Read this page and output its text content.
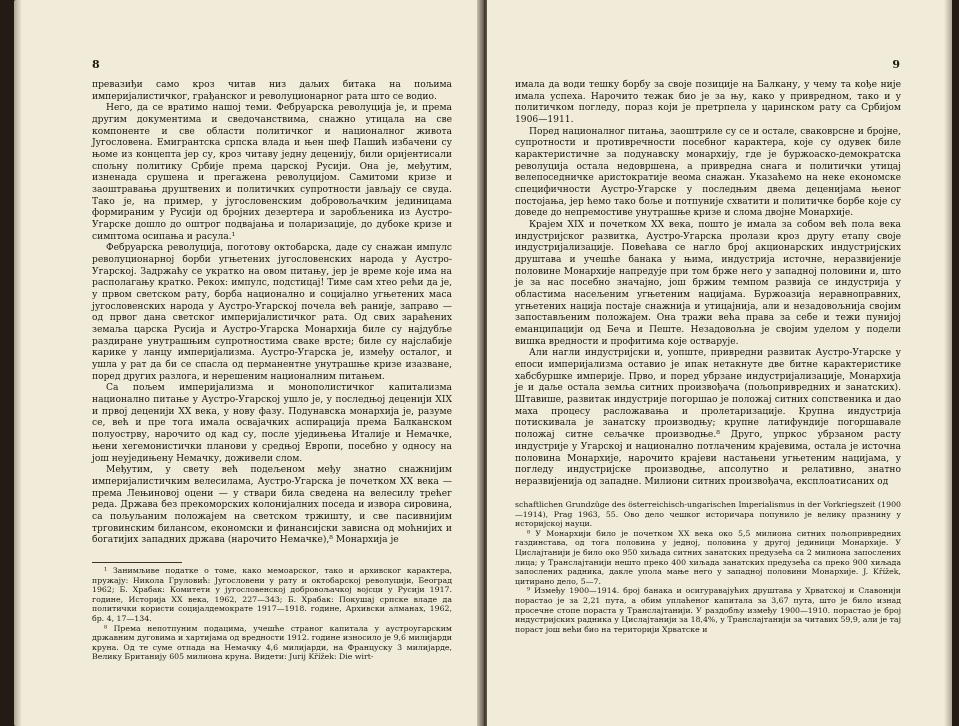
8

превазиђи само кроз читав низ даљих битака на пољима империјалистичког, грађанског и револуционарног рата што се водио.

Него, да се вратимо нашој теми. Фебруарска револуција је, и према другим документима и сведочанствима, снажно утицала на све компоненте и све области политичког и националног живота Југословена. Емигрантска српска влада и њен шеф Пашић избачени су њоме из концепта јер су, кроз читаву једну деценију, били оријентисали спољну политику Србије према царској Русији. Она је, међутим, изненада срушена и прегажена револуцијом. Самитоми кризе и заоштравања друштвених и политичких супротности јављају се свуда. Тако је, на пример, у југословенским добровољачким јединицама формираним у Русији од бројних дезертера и заробљеника из Аустро-Угарске дошло до оштрог подвајања и поларизације, до дубоке кризе и симптома осипања и расула.¹

Фебруарска револуција, поготову октобарска, даде су снажан импулс револуционарној борби угњетених југословенских народа у Аустро-Угарској. Задржаћу се укратко на овом питању, јер је време које има на располагању кратко. Рекох: импулс, подстицај! Тиме сам хтео рећи да је, у првом светском рату, борба национално и социјално угњетених маса југословенских народа у Аустро-Угарској почела већ раније, заправо — од првог дана светског империјалистичког рата. Од свих зараћених земаља царска Русија и Аустро-Угарска Монархија биле су најдубље раздиране унутрашњим супротностима сваке врсте; биле су најслабије карике у ланцу империјализма. Аустро-Угарска је, између осталог, и ушла у рат да би се спасла од перманентне унутрашње кризе изазване, поред других разлога, и нерешеним националним питањем.

Са пољем империјализма и монополистичког капитализма национално питање у Аустро-Угарској ушло је, у последњој деценији XIX и првој деценији XX века, у нову фазу. Подунавска монархија је, разуме се, већ и пре тога имала освајачких аспирација према Балканском полуострву, нарочито од кад су, после уједињења Италије и Немачке, њени хегемонистички планови у средњој Европи, посебно у односу на још неуједињену Немачку, доживели слом.

Међутим, у свету већ подељеном међу знатно снажнијим империјалистичким велесилама, Аустро-Угарска је почетком XX века — према Лењиновој оцени — у ствари била сведена на велесилу трећег реда. Држава без прекоморских колонијалних поседа и извора сировина, са пољуљаним положајем на светском тржишту, и све пасивнијим трговинским билансом, економски и финансијски зависна од моћнијих и богатијих западних држава (нарочито Немачке),⁸ Монархија је

¹ Занимљиве податке о томе, како мемоарског, тако и архивског карактера, пружају: Никола Груловић: Југословени у рату и октобарској револуцији, Београд 1962; Б. Храбак: Комитети у југословенској добровољачкој војсци у Русији 1917. године, Историја XX века, 1962, 227—343; Б. Храбак: Покушај српске владе да политички користи социјалдемократе 1917—1918. године, Архивски алманах, 1962, бр. 4, 17—134.

⁸ Према непотпуним подацима, учешће страног капитала у аустроугарским државним дуговима и хартијама од вредности 1912. године износило је 9,6 милијарди круна. Од те суме отпада на Немачку 4,6 милијарди, на Француску 3 милијарде, Велику Британију 605 милиона круна. Видети: Jurij Křížek: Die wirt-

9

имала да води тешку борбу за своје позиције на Балкану, у чему та кође није имала успеха. Нарочито тежак био је за њу, како у привредном, тако и у политичком погледу, пораз који је претрпела у царинском рату са Србијом 1906—1911.

Поред националног питања, заоштриле су се и остале, сваковрсне и бројне, супротности и противречности посебног карактера, које су одувек биле карактеристичне за подунавску монархију, где је буржоаско-демократска револуција остала недовршена, а привредна снага и политички утицај велепоседничке аристократије веома снажан. Указаћемо на неке економске специфичности Аустро-Угарске у последњим двема деценијама њеног постојања, јер ћемо тако боље и потпуније схватити и политичке борбе које су доведе до непремостиве унутрашње кризе и слома двојне Монархије.

Крајем XIX и почетком XX века, пошто је имала за собом већ пола века индустријског развитка, Аустро-Угарска пролази кроз другу етапу своје индустријализације. Повећава се нагло број акционарских индустријских друштава и учешће банака у њима, индустрија источне, неразвијеније половине Монархије напредује при том брже него у западној половини и, што је за нас посебно значајно, још бржим темпом развија се индустрија у областима насељеним угњетеним нацијама. Буржоазија неравноправних, угњетених нација постаје снажнија и утицајнија, али и незадовољнија својим запостављеним положајем. Она тражи већа права за себе и тежи пунијој еманципацији од Беча и Пеште. Незадовољна је својим уделом у подели вишка вредности и профитима које остварује.

Али нагли индустријски и, уопште, привредни развитак Аустро-Угарске у епоси империјализма оставио је ипак нетакнуте две битне карактеристике хабсбуршке империје. Прво, и поред убрзане индустријализације, Монархија је и даље остала земља ситних произвођача (пољопривредних и занатских). Штавише, развитак индустрије погоршао је положај ситних сопственика и дао маха процесу расложавања и пролетаризације. Крупна индустрија потискивала је занатску производњу; крупне латифундије погоршавале положај ситне сељачке производње.⁸ Друго, упркос убрзаном расту индустрије у Угарској и национално потлаченим крајевима, остала је источна половина Монархије, нарочито крајеви настањени угњетеним нацијама, у погледу индустријске производње, апсолутно и релативно, знатно неразвијенија од западне. Милиони ситних произвођача, експлоатисаних од

schaftlichen Grundzüge des österreichisch-ungarischen Imperialismus in der Vorkriegszeit (1900—1914), Prag 1963, 55. Ово дело чешког историчара попунило је велику празнину у историјској науци.

⁸ У Монархији било је почетком XX века око 5,5 милиона ситних пољопривредних газдинстава, од тога половина у једној, половина у другој јединици Монархије. У Цислајтанији је било око 950 хиљада ситних занатских предузећа са 2 милиона запослених лица; у Транслајтанији нешто преко 400 хиљада занатских предузећа са преко 900 хиљада запослених радника, дакле упола мање него у западној половини Монархије. J. Křížek, цитирано дело, 5—7.

⁹ Између 1900—1914. број банака и осигуравајућих друштава у Хрватској и Славонији порастао је за 2,21 пута, а обим уплаћеног капитала за 3,67 пута, што је било изнад просечне стопе пораста у Транслајтанији. У раздобљу између 1900—1910. порастао је број индустријских радника у Цислајтанији за 18,4%, у Транслајтанији за читавих 59,9, али је тај пораст још већи био на територији Хрватске и
